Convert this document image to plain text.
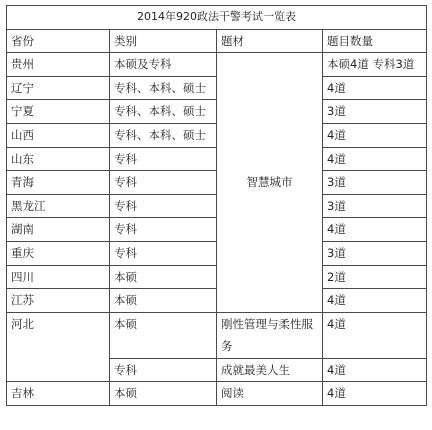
2014年920政法干警考试一览表			
省份	类别	题材	题目数量
贵州	本硕及专科	智慧城市	本硕4道 专科3道
辽宁	专科、本科、硕士		4道
宁夏	专科、本科、硕士		3道
山西	专科、本科、硕士		4道
山东	专科		4道
青海	专科		3道
黑龙江	专科		3道
湖南	专科		4道
重庆	专科		3道
四川	本硕		2道
江苏	本硕		4道
河北	本硕	刚性管理与柔性服务	4道
	专科	成就最美人生	4道
吉林	本硕	阅读	4道
